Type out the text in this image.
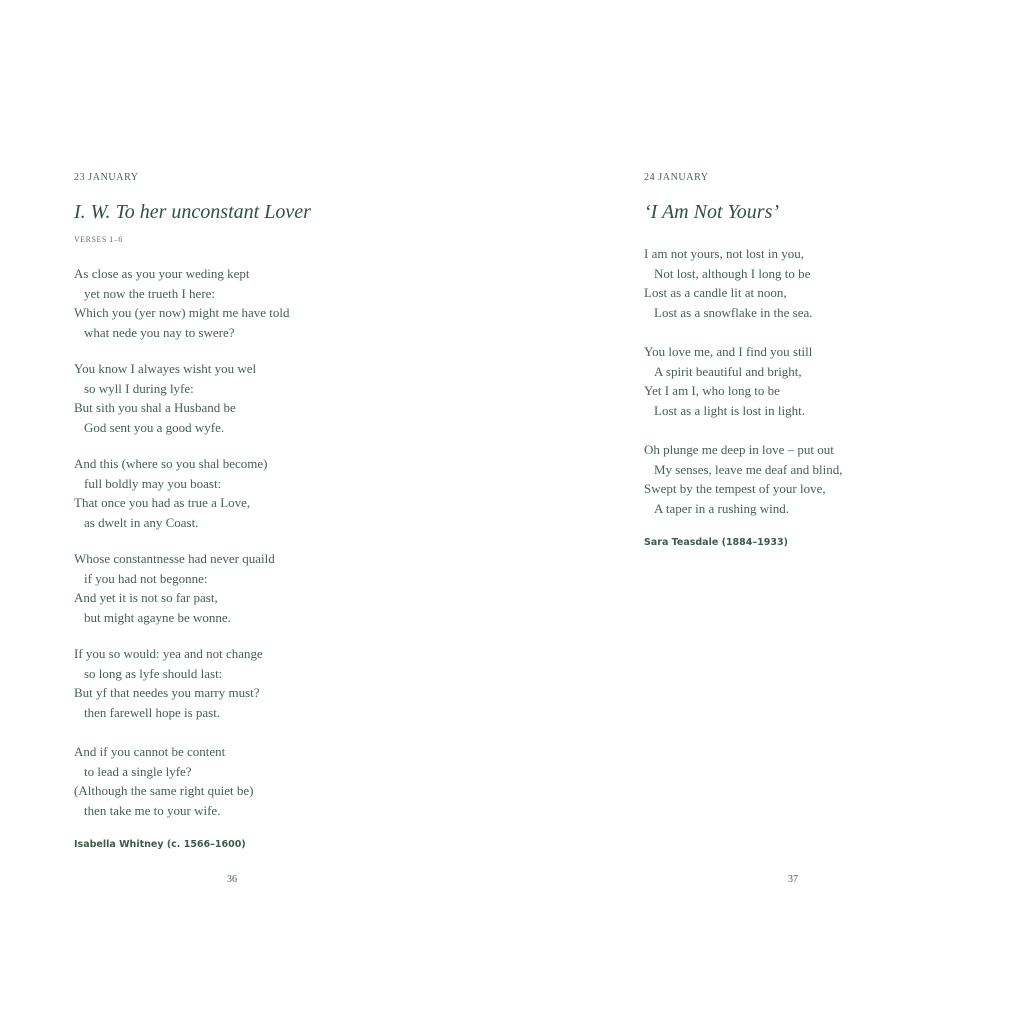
23 JANUARY
I. W. To her unconstant Lover
VERSES 1–6
As close as you your weding kept
yet now the trueth I here:
Which you (yer now) might me have told
what nede you nay to swere?
You know I alwayes wisht you wel
so wyll I during lyfe:
But sith you shal a Husband be
God sent you a good wyfe.
And this (where so you shal become)
full boldly may you boast:
That once you had as true a Love,
as dwelt in any Coast.
Whose constantnesse had never quaild
if you had not begonne:
And yet it is not so far past,
but might agayne be wonne.
If you so would: yea and not change
so long as lyfe should last:
But yf that needes you marry must?
then farewell hope is past.
And if you cannot be content
to lead a single lyfe?
(Although the same right quiet be)
then take me to your wife.
Isabella Whitney (c. 1566–1600)
36
24 JANUARY
‘I Am Not Yours’
I am not yours, not lost in you,
Not lost, although I long to be
Lost as a candle lit at noon,
Lost as a snowflake in the sea.
You love me, and I find you still
A spirit beautiful and bright,
Yet I am I, who long to be
Lost as a light is lost in light.
Oh plunge me deep in love – put out
My senses, leave me deaf and blind,
Swept by the tempest of your love,
A taper in a rushing wind.
Sara Teasdale (1884–1933)
37
